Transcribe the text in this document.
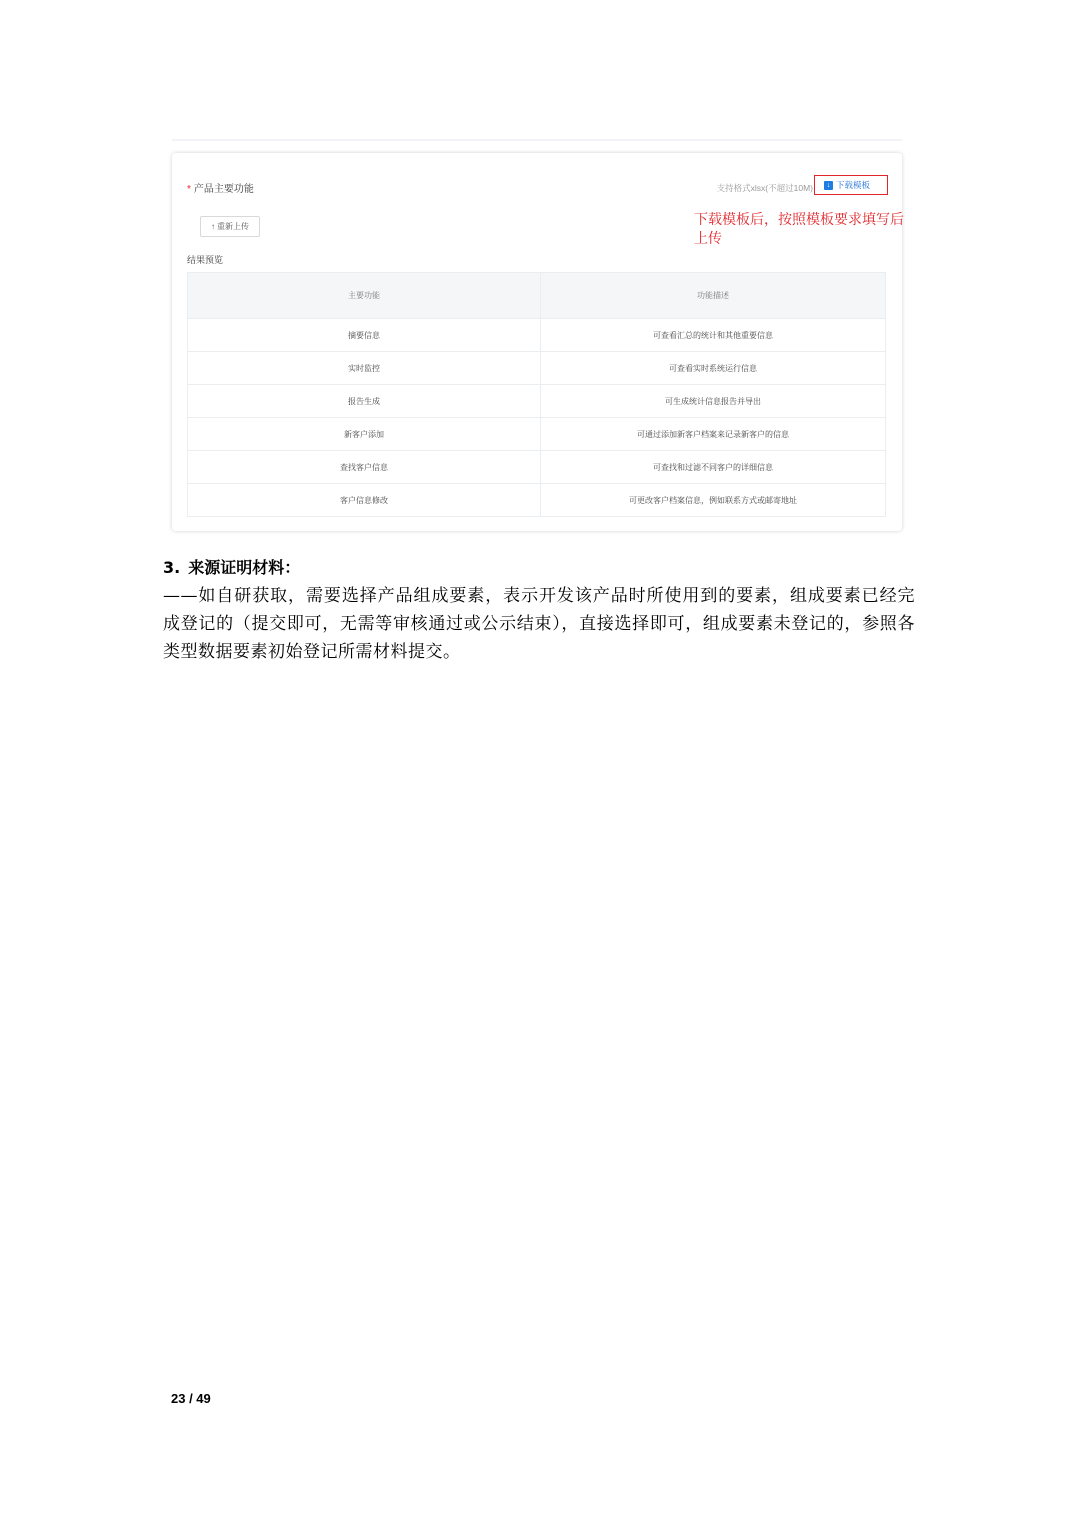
* 产品主要功能	支持格式xlsx(不超过10M)	↓ 下载模板
下载模板后，按照模板要求填写后上传
↑ 重新上传
结果预览
主要功能	功能描述
摘要信息	可查看汇总的统计和其他重要信息
实时监控	可查看实时系统运行信息
报告生成	可生成统计信息报告并导出
新客户添加	可通过添加新客户档案来记录新客户的信息
查找客户信息	可查找和过滤不同客户的详细信息
客户信息修改	可更改客户档案信息，例如联系方式或邮寄地址
3. 来源证明材料：
——如自研获取，需要选择产品组成要素，表示开发该产品时所使用到的要素，组成要素已经完成登记的（提交即可，无需等审核通过或公示结束），直接选择即可，组成要素未登记的，参照各类型数据要素初始登记所需材料提交。
23 / 49
